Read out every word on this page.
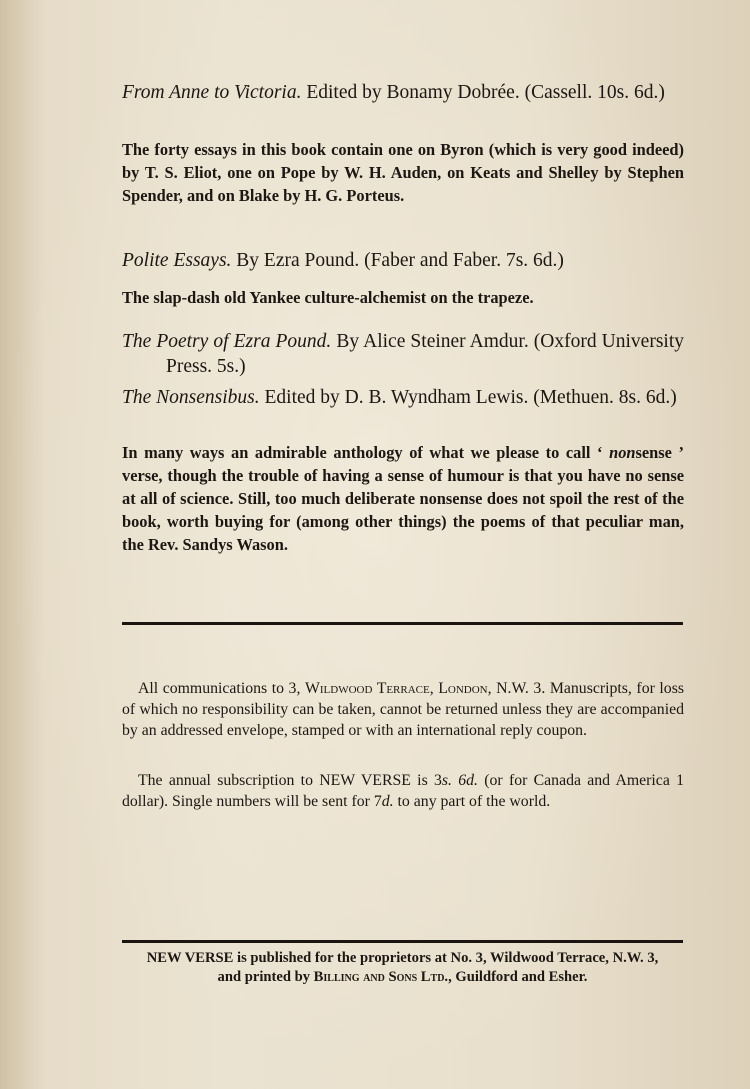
From Anne to Victoria. Edited by Bonamy Dobrée. (Cassell. 10s. 6d.)
The forty essays in this book contain one on Byron (which is very good indeed) by T. S. Eliot, one on Pope by W. H. Auden, on Keats and Shelley by Stephen Spender, and on Blake by H. G. Porteus.
Polite Essays. By Ezra Pound. (Faber and Faber. 7s. 6d.)
The slap-dash old Yankee culture-alchemist on the trapeze.
The Poetry of Ezra Pound. By Alice Steiner Amdur. (Oxford University Press. 5s.)
The Nonsensibus. Edited by D. B. Wyndham Lewis. (Methuen. 8s. 6d.)
In many ways an admirable anthology of what we please to call ‘ nonsense ’ verse, though the trouble of having a sense of humour is that you have no sense at all of science. Still, too much deliberate nonsense does not spoil the rest of the book, worth buying for (among other things) the poems of that peculiar man, the Rev. Sandys Wason.
All communications to 3, Wildwood Terrace, London, N.W. 3. Manuscripts, for loss of which no responsibility can be taken, cannot be returned unless they are accompanied by an addressed envelope, stamped or with an international reply coupon.
The annual subscription to NEW VERSE is 3s. 6d. (or for Canada and America 1 dollar). Single numbers will be sent for 7d. to any part of the world.
NEW VERSE is published for the proprietors at No. 3, Wildwood Terrace, N.W. 3,
and printed by Billing and Sons Ltd., Guildford and Esher.
